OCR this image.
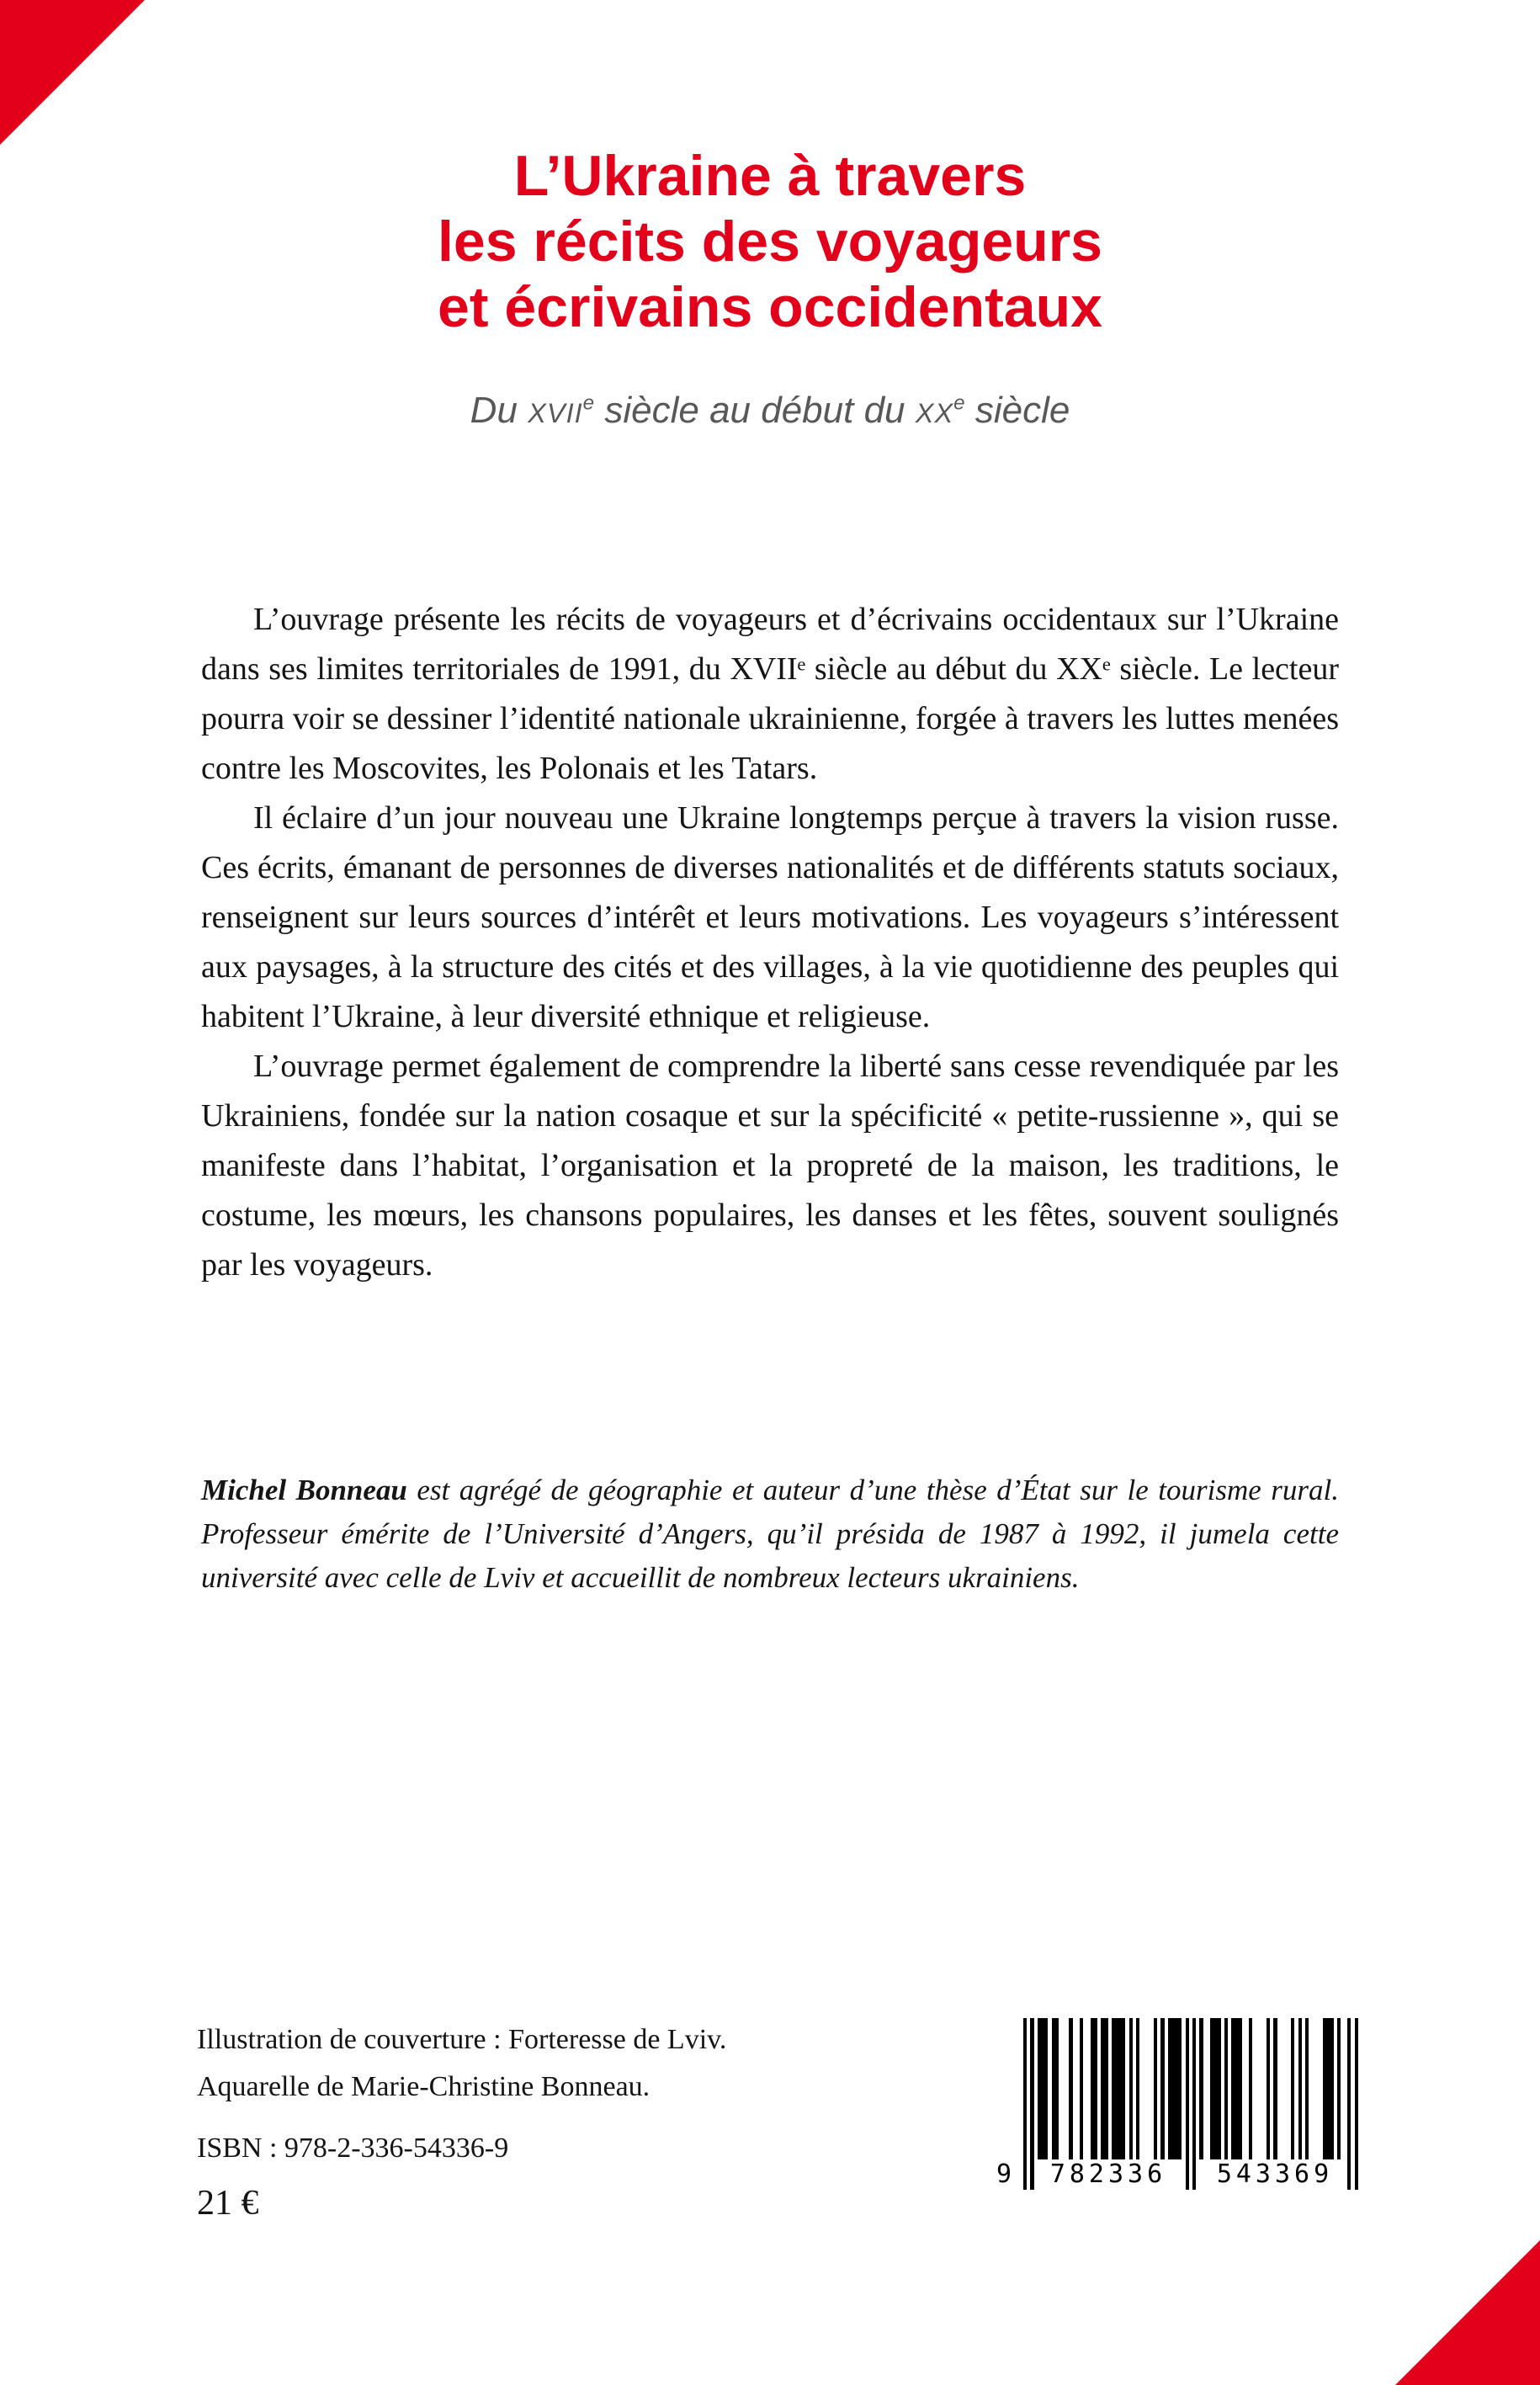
L’Ukraine à travers
les récits des voyageurs
et écrivains occidentaux
Du XVIIe siècle au début du XXe siècle

L’ouvrage présente les récits de voyageurs et d’écrivains occidentaux sur l’Ukraine dans ses limites territoriales de 1991, du XVIIᵉ siècle au début du XXᵉ siècle. Le lecteur pourra voir se dessiner l’identité nationale ukrainienne, forgée à travers les luttes menées contre les Moscovites, les Polonais et les Tatars.

Il éclaire d’un jour nouveau une Ukraine longtemps perçue à travers la vision russe. Ces écrits, émanant de personnes de diverses nationalités et de différents statuts sociaux, renseignent sur leurs sources d’intérêt et leurs motivations. Les voyageurs s’intéressent aux paysages, à la structure des cités et des villages, à la vie quotidienne des peuples qui habitent l’Ukraine, à leur diversité ethnique et religieuse.

L’ouvrage permet également de comprendre la liberté sans cesse revendiquée par les Ukrainiens, fondée sur la nation cosaque et sur la spécificité « petite-russienne », qui se manifeste dans l’habitat, l’organisation et la propreté de la maison, les traditions, le costume, les mœurs, les chansons populaires, les danses et les fêtes, souvent soulignés par les voyageurs.

Michel Bonneau est agrégé de géographie et auteur d’une thèse d’État sur le tourisme rural. Professeur émérite de l’Université d’Angers, qu’il présida de 1987 à 1992, il jumela cette université avec celle de Lviv et accueillit de nombreux lecteurs ukrainiens.
Illustration de couverture : Forteresse de Lviv.
Aquarelle de Marie-Christine Bonneau.
ISBN : 978-2-336-54336-9
21 €
9	782336	543369
